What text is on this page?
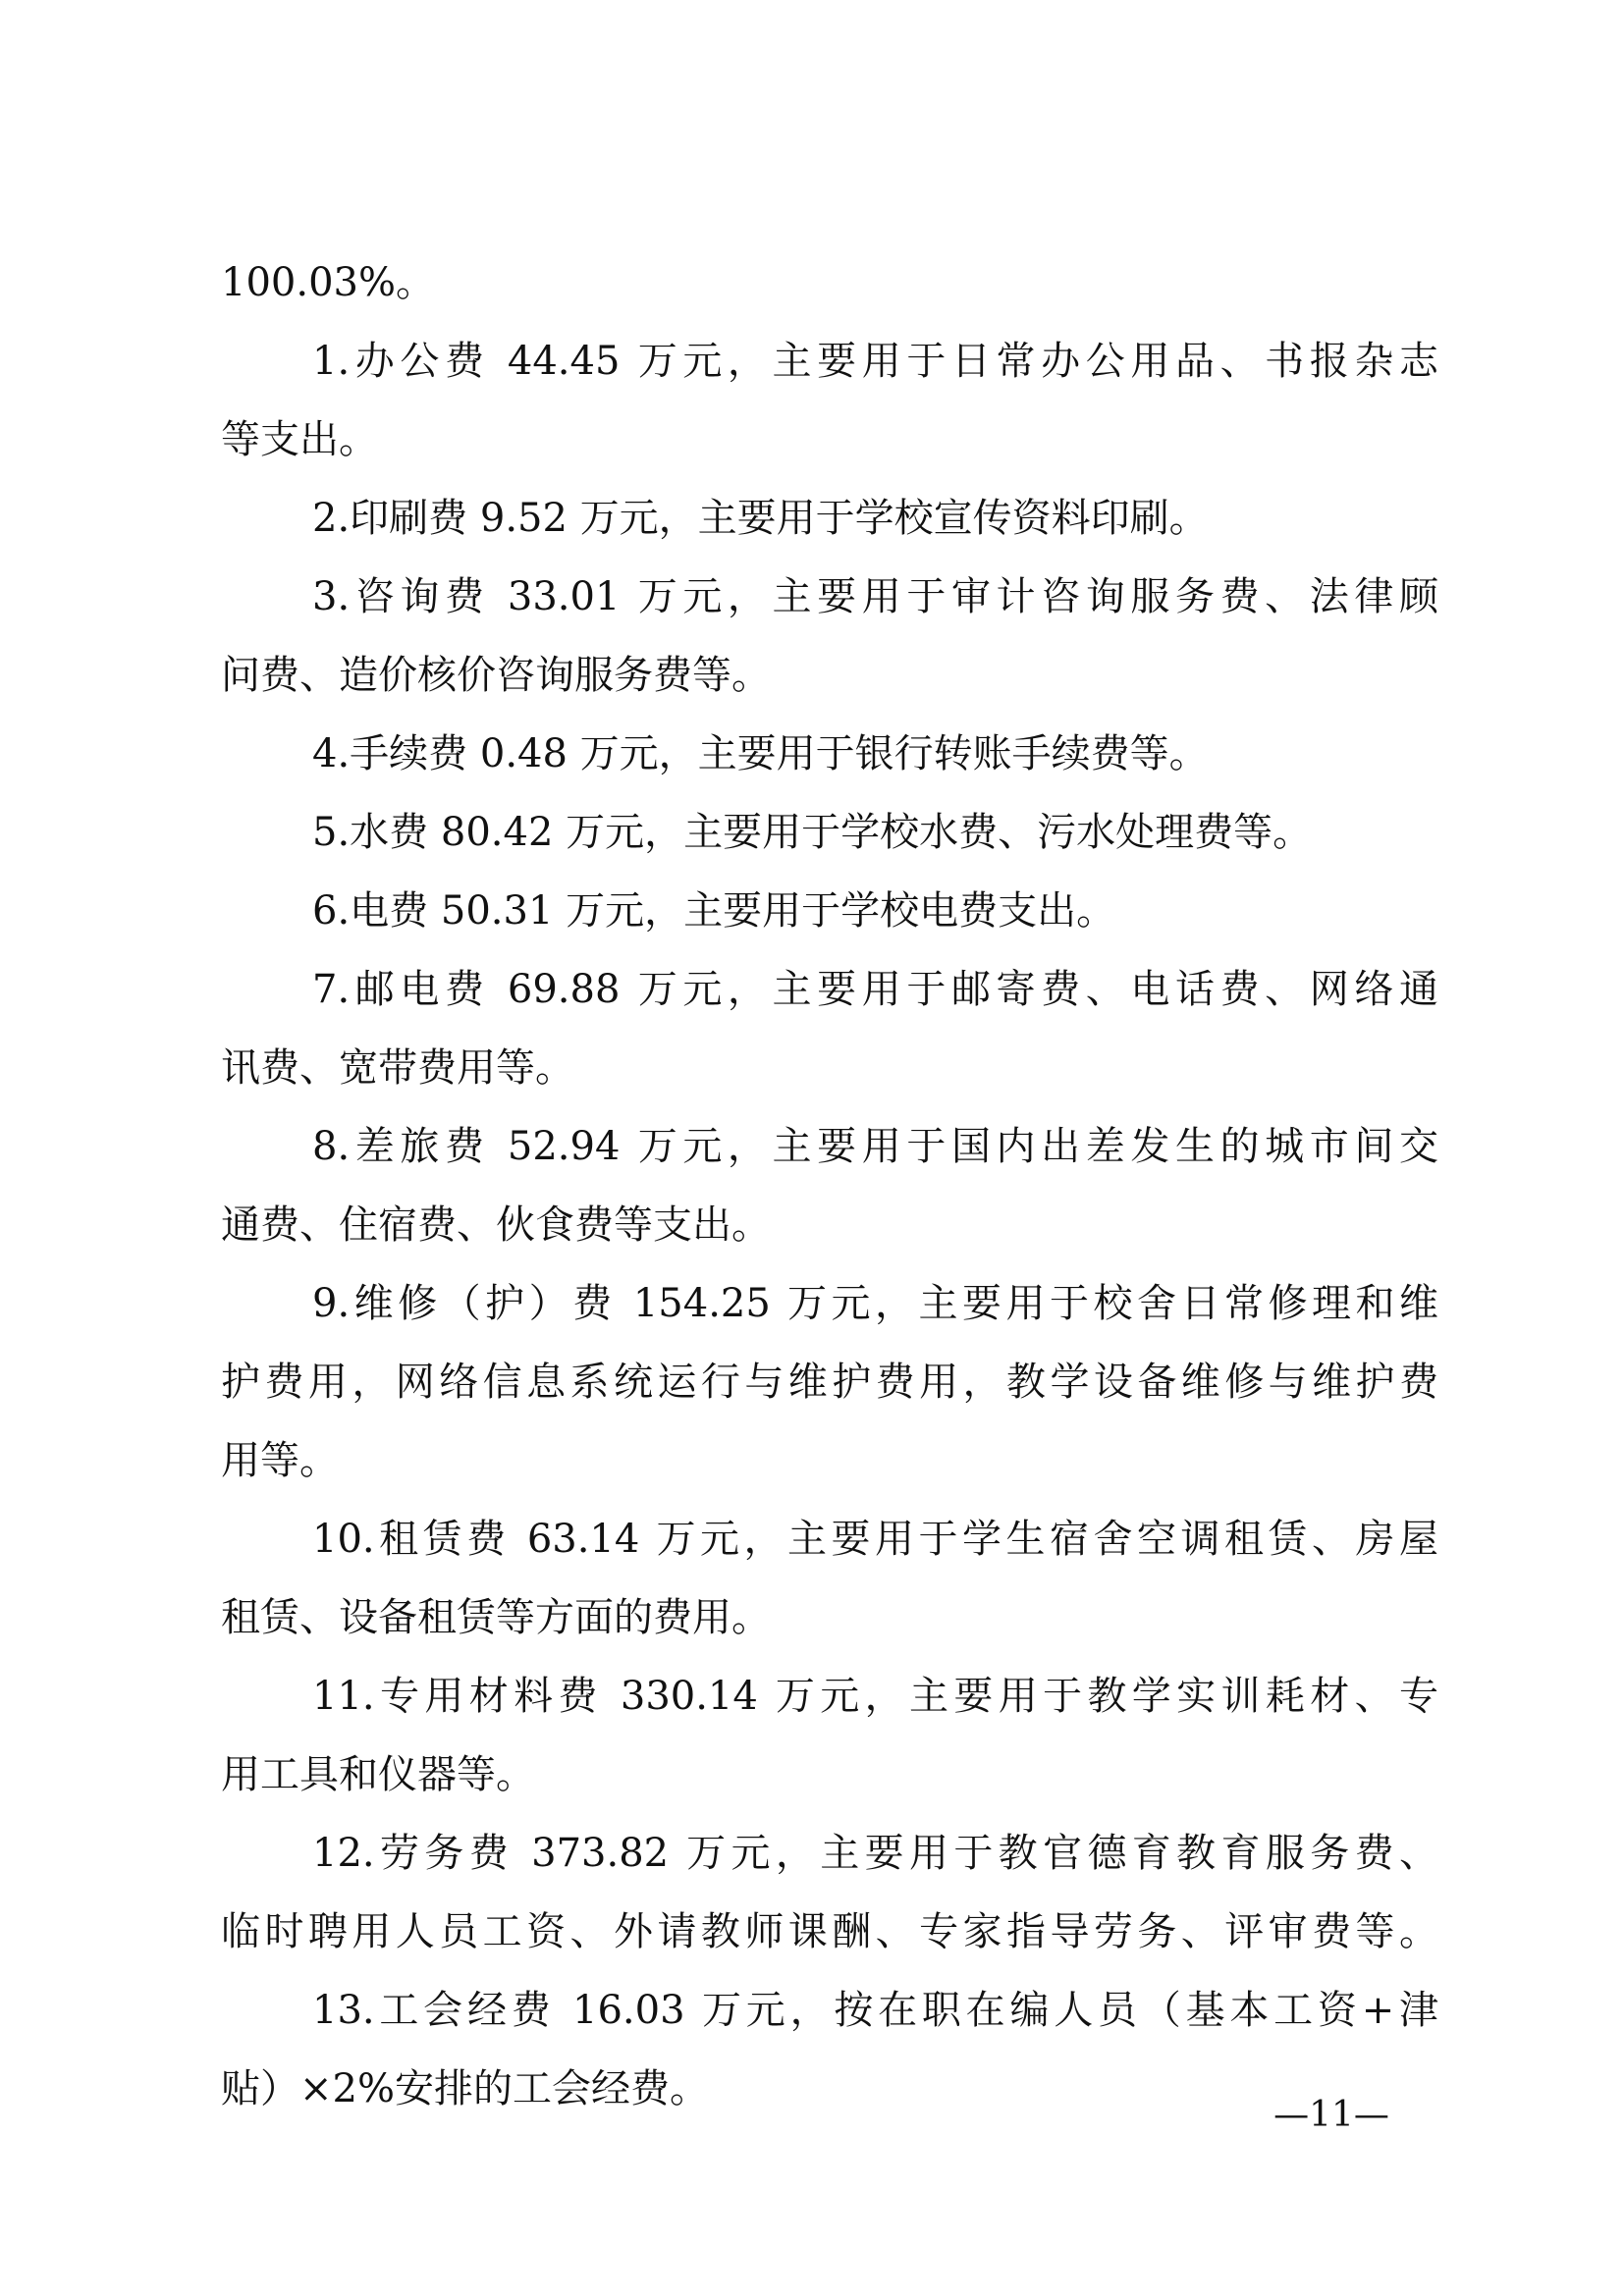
100.03%。
1.办公费 44.45 万元，主要用于日常办公用品、书报杂志
等支出。
2.印刷费 9.52 万元，主要用于学校宣传资料印刷。
3.咨询费 33.01 万元，主要用于审计咨询服务费、法律顾
问费、造价核价咨询服务费等。
4.手续费 0.48 万元，主要用于银行转账手续费等。
5.水费 80.42 万元，主要用于学校水费、污水处理费等。
6.电费 50.31 万元，主要用于学校电费支出。
7.邮电费 69.88 万元，主要用于邮寄费、电话费、网络通
讯费、宽带费用等。
8.差旅费 52.94 万元，主要用于国内出差发生的城市间交
通费、住宿费、伙食费等支出。
9.维修（护）费 154.25 万元，主要用于校舍日常修理和维
护费用，网络信息系统运行与维护费用，教学设备维修与维护费
用等。
10.租赁费 63.14 万元，主要用于学生宿舍空调租赁、房屋
租赁、设备租赁等方面的费用。
11.专用材料费 330.14 万元，主要用于教学实训耗材、专
用工具和仪器等。
12.劳务费 373.82 万元，主要用于教官德育教育服务费、
临时聘用人员工资、外请教师课酬、专家指导劳务、评审费等。
13.工会经费 16.03 万元，按在职在编人员（基本工资+津
贴）×2%安排的工会经费。
—11—
